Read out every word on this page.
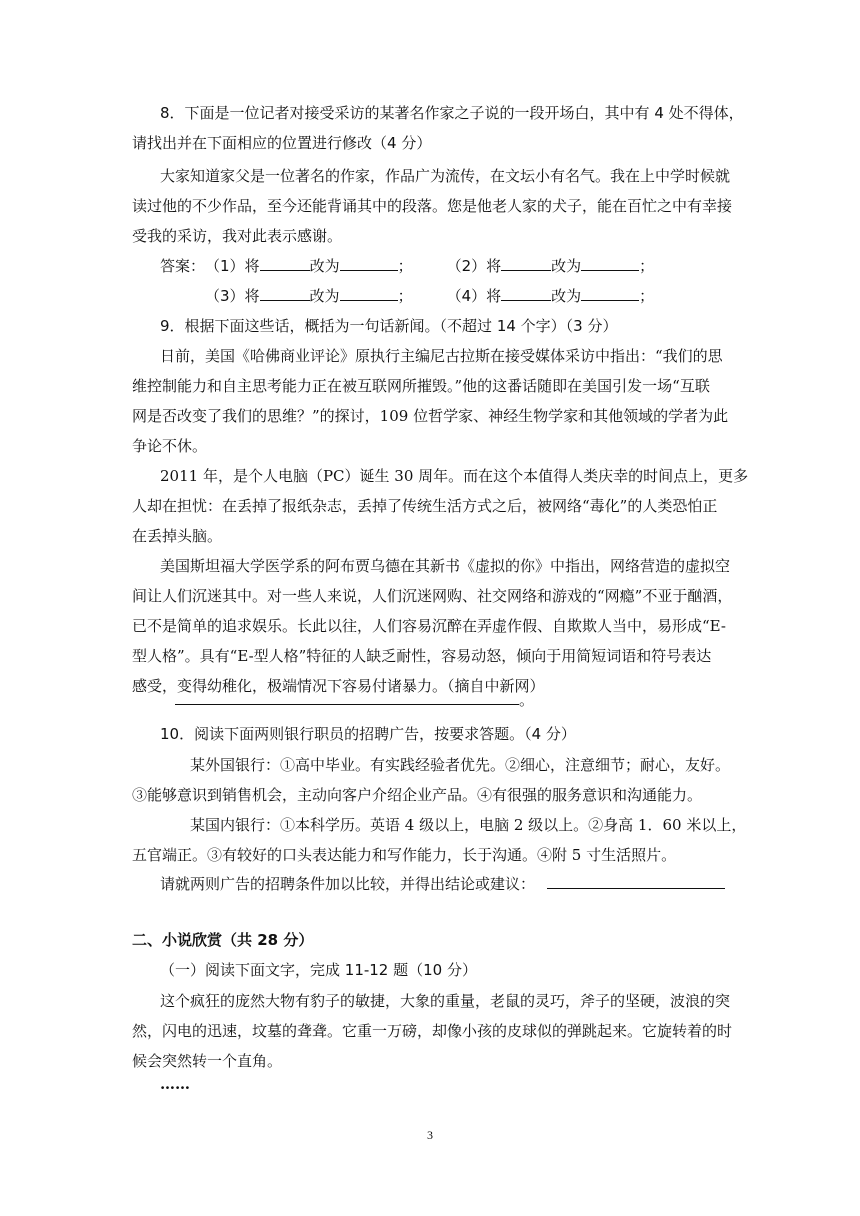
8．下面是一位记者对接受采访的某著名作家之子说的一段开场白，其中有 4 处不得体，
请找出并在下面相应的位置进行修改（4 分）
大家知道家父是一位著名的作家，作品广为流传，在文坛小有名气。我在上中学时候就
读过他的不少作品，至今还能背诵其中的段落。您是他老人家的犬子，能在百忙之中有幸接
受我的采访，我对此表示感谢。
答案：（1）将	改为	； （2）将	改为	；
（3）将	改为	； （4）将	改为	；
9．根据下面这些话，概括为一句话新闻。（不超过 14 个字）（3 分）
日前，美国《哈佛商业评论》原执行主编尼古拉斯在接受媒体采访中指出：“我们的思
维控制能力和自主思考能力正在被互联网所摧毁。”他的这番话随即在美国引发一场“互联
网是否改变了我们的思维？”的探讨，109 位哲学家、神经生物学家和其他领域的学者为此
争论不休。
2011 年，是个人电脑（PC）诞生 30 周年。而在这个本值得人类庆幸的时间点上，更多
人却在担忧：在丢掉了报纸杂志，丢掉了传统生活方式之后，被网络“毒化”的人类恐怕正
在丢掉头脑。
美国斯坦福大学医学系的阿布贾乌德在其新书《虚拟的你》中指出，网络营造的虚拟空
间让人们沉迷其中。对一些人来说，人们沉迷网购、社交网络和游戏的“网瘾”不亚于酗酒，
已不是简单的追求娱乐。长此以往，人们容易沉醉在弄虚作假、自欺欺人当中，易形成“E-
型人格”。具有“E-型人格”特征的人缺乏耐性，容易动怒，倾向于用简短词语和符号表达
感受，变得幼稚化，极端情况下容易付诸暴力。（摘自中新网）
。
10．阅读下面两则银行职员的招聘广告，按要求答题。（4 分）
某外国银行：①高中毕业。有实践经验者优先。②细心，注意细节；耐心，友好。
③能够意识到销售机会，主动向客户介绍企业产品。④有很强的服务意识和沟通能力。
某国内银行：①本科学历。英语 4 级以上，电脑 2 级以上。②身高 1．60 米以上，
五官端正。③有较好的口头表达能力和写作能力，长于沟通。④附 5 寸生活照片。
请就两则广告的招聘条件加以比较，并得出结论或建议：
二、小说欣赏（共 28 分）
（一）阅读下面文字，完成 11-12 题（10 分）
这个疯狂的庞然大物有豹子的敏捷，大象的重量，老鼠的灵巧，斧子的坚硬，波浪的突
然，闪电的迅速，坟墓的聋聋。它重一万磅，却像小孩的皮球似的弹跳起来。它旋转着的时
候会突然转一个直角。
……
3
